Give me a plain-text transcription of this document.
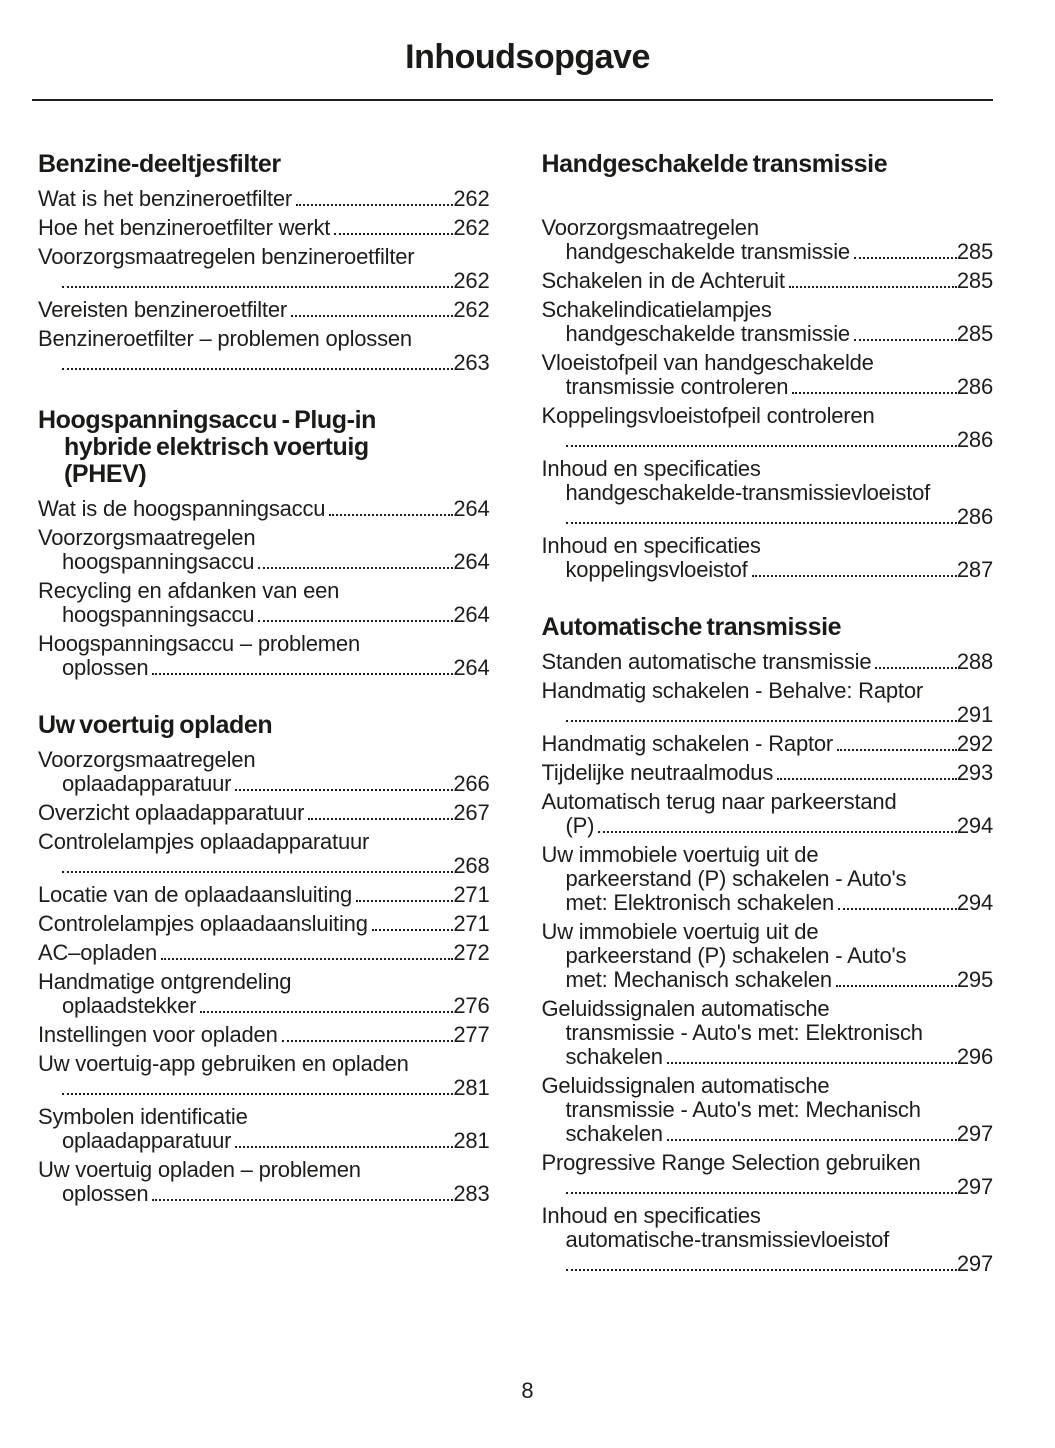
Inhoudsopgave
Benzine-deeltjesfilter
Wat is het benzineroetfilter	262
Hoe het benzineroetfilter werkt	262
Voorzorgsmaatregelen benzineroetfilter
262
Vereisten benzineroetfilter	262
Benzineroetfilter – problemen oplossen
263
Hoogspanningsaccu - Plug-in
hybride elektrisch voertuig
(PHEV)
Wat is de hoogspanningsaccu	264
Voorzorgsmaatregelen
hoogspanningsaccu	264
Recycling en afdanken van een
hoogspanningsaccu	264
Hoogspanningsaccu – problemen
oplossen	264
Uw voertuig opladen
Voorzorgsmaatregelen
oplaadapparatuur	266
Overzicht oplaadapparatuur	267
Controlelampjes oplaadapparatuur
268
Locatie van de oplaadaansluiting	271
Controlelampjes oplaadaansluiting	271
AC–opladen	272
Handmatige ontgrendeling
oplaadstekker	276
Instellingen voor opladen	277
Uw voertuig-app gebruiken en opladen
281
Symbolen identificatie
oplaadapparatuur	281
Uw voertuig opladen – problemen
oplossen	283
Handgeschakelde transmissie
Voorzorgsmaatregelen
handgeschakelde transmissie	285
Schakelen in de Achteruit	285
Schakelindicatielampjes
handgeschakelde transmissie	285
Vloeistofpeil van handgeschakelde
transmissie controleren	286
Koppelingsvloeistofpeil controleren
286
Inhoud en specificaties
handgeschakelde-transmissievloeistof
286
Inhoud en specificaties
koppelingsvloeistof	287
Automatische transmissie
Standen automatische transmissie	288
Handmatig schakelen - Behalve: Raptor
291
Handmatig schakelen - Raptor	292
Tijdelijke neutraalmodus	293
Automatisch terug naar parkeerstand
(P)	294
Uw immobiele voertuig uit de
parkeerstand (P) schakelen - Auto's
met: Elektronisch schakelen	294
Uw immobiele voertuig uit de
parkeerstand (P) schakelen - Auto's
met: Mechanisch schakelen	295
Geluidssignalen automatische
transmissie - Auto's met: Elektronisch
schakelen	296
Geluidssignalen automatische
transmissie - Auto's met: Mechanisch
schakelen	297
Progressive Range Selection gebruiken
297
Inhoud en specificaties
automatische-transmissievloeistof
297
8
